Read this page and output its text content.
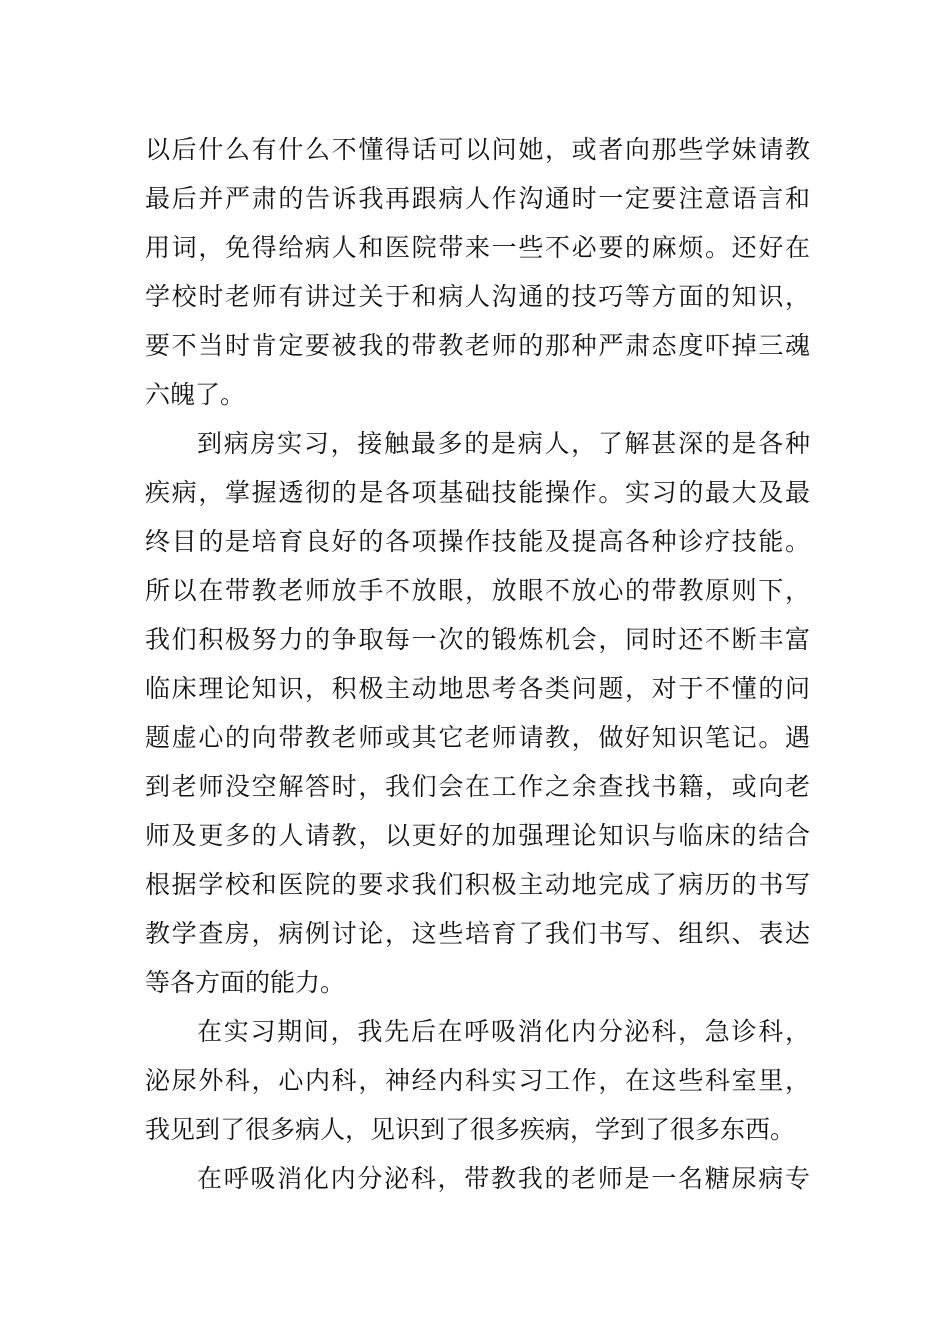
以后什么有什么不懂得话可以问她，或者向那些学妹请教
最后并严肃的告诉我再跟病人作沟通时一定要注意语言和
用词，免得给病人和医院带来一些不必要的麻烦。还好在
学校时老师有讲过关于和病人沟通的技巧等方面的知识，
要不当时肯定要被我的带教老师的那种严肃态度吓掉三魂
六魄了。
到病房实习，接触最多的是病人，了解甚深的是各种
疾病，掌握透彻的是各项基础技能操作。实习的最大及最
终目的是培育良好的各项操作技能及提高各种诊疗技能。
所以在带教老师放手不放眼，放眼不放心的带教原则下，
我们积极努力的争取每一次的锻炼机会，同时还不断丰富
临床理论知识，积极主动地思考各类问题，对于不懂的问
题虚心的向带教老师或其它老师请教，做好知识笔记。遇
到老师没空解答时，我们会在工作之余查找书籍，或向老
师及更多的人请教，以更好的加强理论知识与临床的结合
根据学校和医院的要求我们积极主动地完成了病历的书写
教学查房，病例讨论，这些培育了我们书写、组织、表达
等各方面的能力。
在实习期间，我先后在呼吸消化内分泌科，急诊科，
泌尿外科，心内科，神经内科实习工作，在这些科室里，
我见到了很多病人，见识到了很多疾病，学到了很多东西。
在呼吸消化内分泌科，带教我的老师是一名糖尿病专
